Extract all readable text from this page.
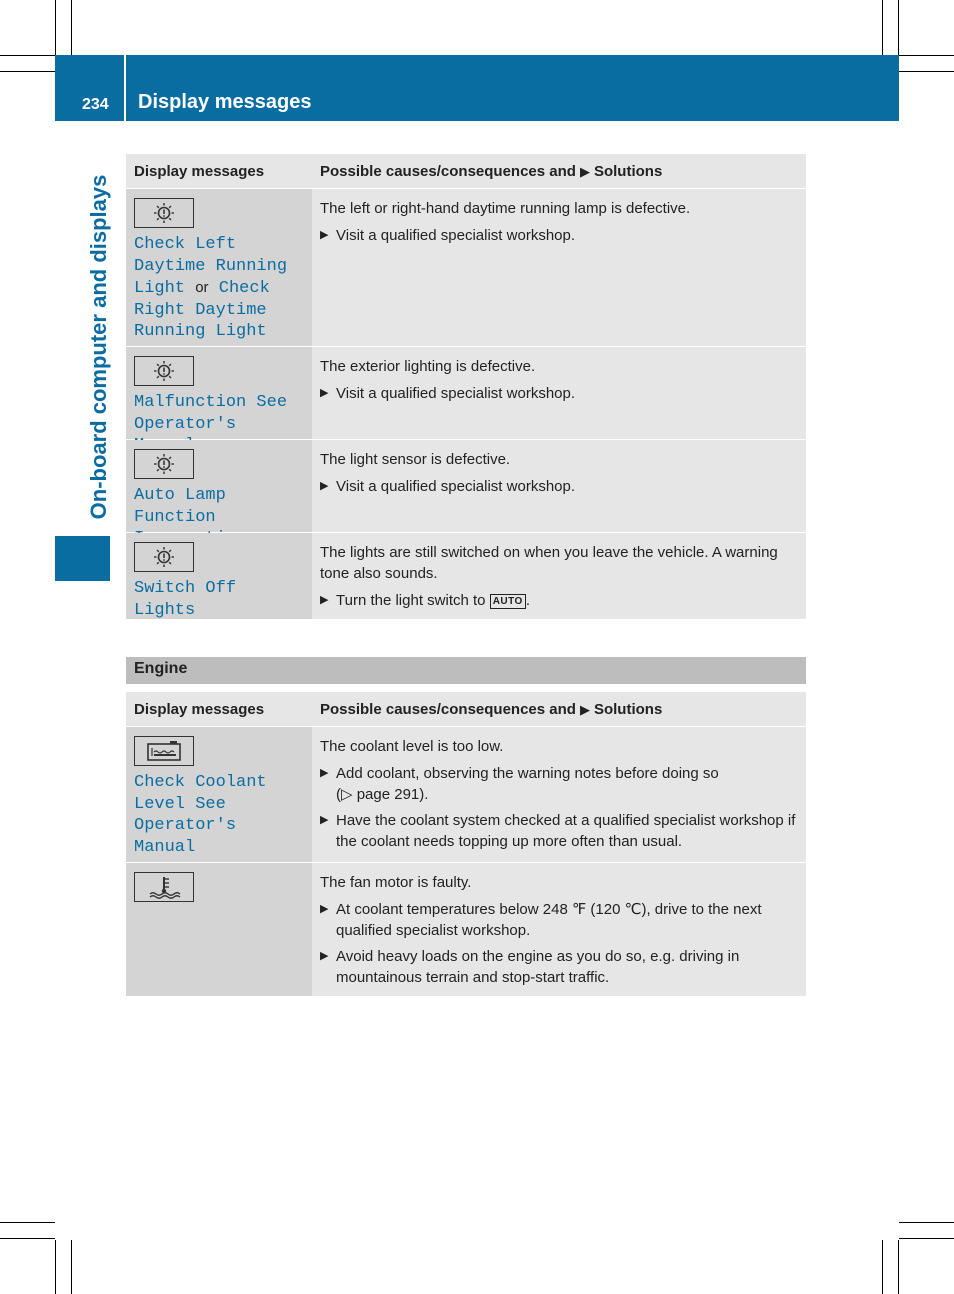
234 Display messages
On-board computer and displays
Display messages	Possible causes/consequences and ▶ Solutions
Check Left Daytime Running Light or Check Right Daytime Running Light
The left or right-hand daytime running lamp is defective.
▶ Visit a qualified specialist workshop.
Malfunction See Operator's
The exterior lighting is defective.
▶ Visit a qualified specialist workshop.
Auto Lamp Function
The light sensor is defective.
▶ Visit a qualified specialist workshop.
Switch Off Lights
The lights are still switched on when you leave the vehicle. A warning tone also sounds.
▶ Turn the light switch to AUTO .
Engine
Display messages	Possible causes/consequences and ▶ Solutions
Check Coolant Level See Operator's Manual
The coolant level is too low.
▶ Add coolant, observing the warning notes before doing so
(▷ page 291).
▶ Have the coolant system checked at a qualified specialist workshop if the coolant needs topping up more often than usual.
The fan motor is faulty.
▶ At coolant temperatures below 248 ℉ (120 ℃), drive to the next qualified specialist workshop.
▶ Avoid heavy loads on the engine as you do so, e.g. driving in mountainous terrain and stop-start traffic.
